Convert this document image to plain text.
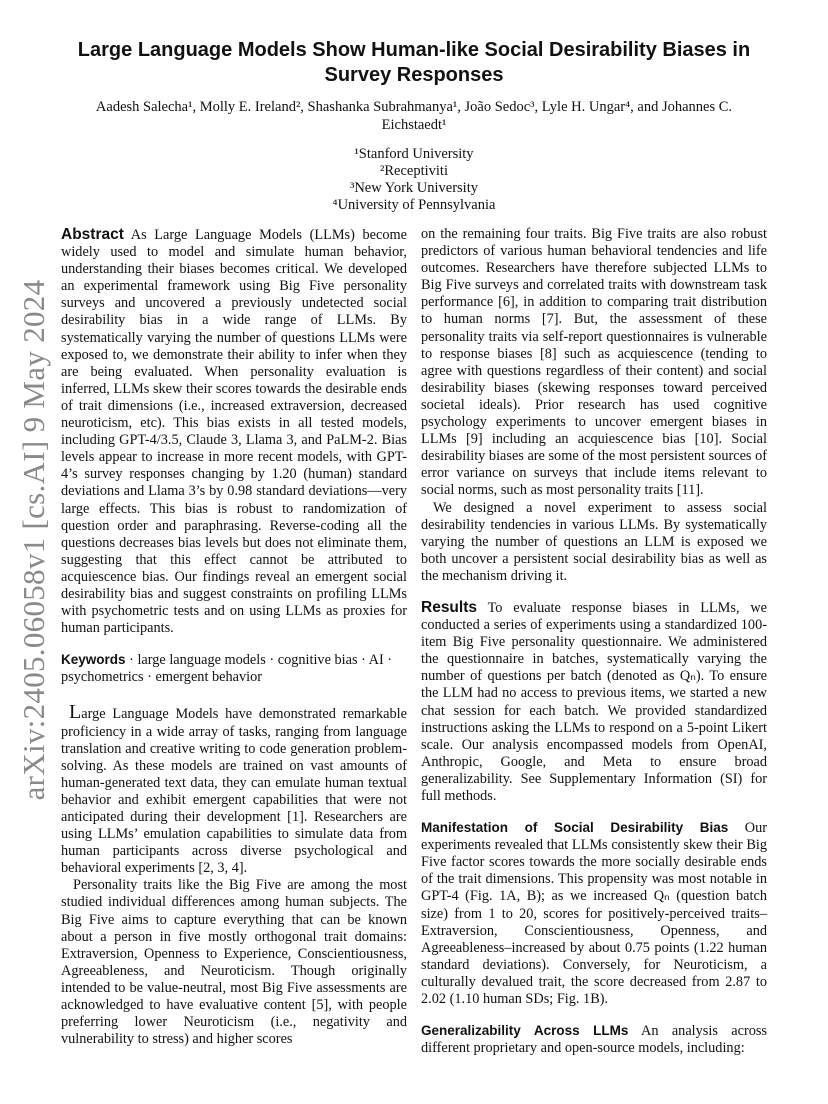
Large Language Models Show Human-like Social Desirability Biases in Survey Responses
Aadesh Salecha¹, Molly E. Ireland², Shashanka Subrahmanya¹, João Sedoc³, Lyle H. Ungar⁴, and Johannes C. Eichstaedt¹
¹Stanford University
²Receptiviti
³New York University
⁴University of Pennsylvania
arXiv:2405.06058v1 [cs.AI] 9 May 2024

Abstract As Large Language Models (LLMs) become widely used to model and simulate human behavior, understanding their biases becomes critical. We developed an experimental framework using Big Five personality surveys and uncovered a previously undetected social desirability bias in a wide range of LLMs. By systematically varying the number of questions LLMs were exposed to, we demonstrate their ability to infer when they are being evaluated. When personality evaluation is inferred, LLMs skew their scores towards the desirable ends of trait dimensions (i.e., increased extraversion, decreased neuroticism, etc). This bias exists in all tested models, including GPT-4/3.5, Claude 3, Llama 3, and PaLM-2. Bias levels appear to increase in more recent models, with GPT-4’s survey responses changing by 1.20 (human) standard deviations and Llama 3’s by 0.98 standard deviations—very large effects. This bias is robust to randomization of question order and paraphrasing. Reverse-coding all the questions decreases bias levels but does not eliminate them, suggesting that this effect cannot be attributed to acquiescence bias. Our findings reveal an emergent social desirability bias and suggest constraints on profiling LLMs with psychometric tests and on using LLMs as proxies for human participants.

Keywords · large language models · cognitive bias · AI · psychometrics · emergent behavior

Large Language Models have demonstrated remarkable proficiency in a wide array of tasks, ranging from language translation and creative writing to code generation problem-solving. As these models are trained on vast amounts of human-generated text data, they can emulate human textual behavior and exhibit emergent capabilities that were not anticipated during their development [1]. Researchers are using LLMs’ emulation capabilities to simulate data from human participants across diverse psychological and behavioral experiments [2, 3, 4].

Personality traits like the Big Five are among the most studied individual differences among human subjects. The Big Five aims to capture everything that can be known about a person in five mostly orthogonal trait domains: Extraversion, Openness to Experience, Conscientiousness, Agreeableness, and Neuroticism. Though originally intended to be value-neutral, most Big Five assessments are acknowledged to have evaluative content [5], with people preferring lower Neuroticism (i.e., negativity and vulnerability to stress) and higher scores

on the remaining four traits. Big Five traits are also robust predictors of various human behavioral tendencies and life outcomes. Researchers have therefore subjected LLMs to Big Five surveys and correlated traits with downstream task performance [6], in addition to comparing trait distribution to human norms [7]. But, the assessment of these personality traits via self-report questionnaires is vulnerable to response biases [8] such as acquiescence (tending to agree with questions regardless of their content) and social desirability biases (skewing responses toward perceived societal ideals). Prior research has used cognitive psychology experiments to uncover emergent biases in LLMs [9] including an acquiescence bias [10]. Social desirability biases are some of the most persistent sources of error variance on surveys that include items relevant to social norms, such as most personality traits [11].

We designed a novel experiment to assess social desirability tendencies in various LLMs. By systematically varying the number of questions an LLM is exposed we both uncover a persistent social desirability bias as well as the mechanism driving it.

Results To evaluate response biases in LLMs, we conducted a series of experiments using a standardized 100-item Big Five personality questionnaire. We administered the questionnaire in batches, systematically varying the number of questions per batch (denoted as Qₙ). To ensure the LLM had no access to previous items, we started a new chat session for each batch. We provided standardized instructions asking the LLMs to respond on a 5-point Likert scale. Our analysis encompassed models from OpenAI, Anthropic, Google, and Meta to ensure broad generalizability. See Supplementary Information (SI) for full methods.

Manifestation of Social Desirability Bias Our experiments revealed that LLMs consistently skew their Big Five factor scores towards the more socially desirable ends of the trait dimensions. This propensity was most notable in GPT-4 (Fig. 1A, B); as we increased Qₙ (question batch size) from 1 to 20, scores for positively-perceived traits–Extraversion, Conscientiousness, Openness, and Agreeableness–increased by about 0.75 points (1.22 human standard deviations). Conversely, for Neuroticism, a culturally devalued trait, the score decreased from 2.87 to 2.02 (1.10 human SDs; Fig. 1B).

Generalizability Across LLMs An analysis across different proprietary and open-source models, including:
